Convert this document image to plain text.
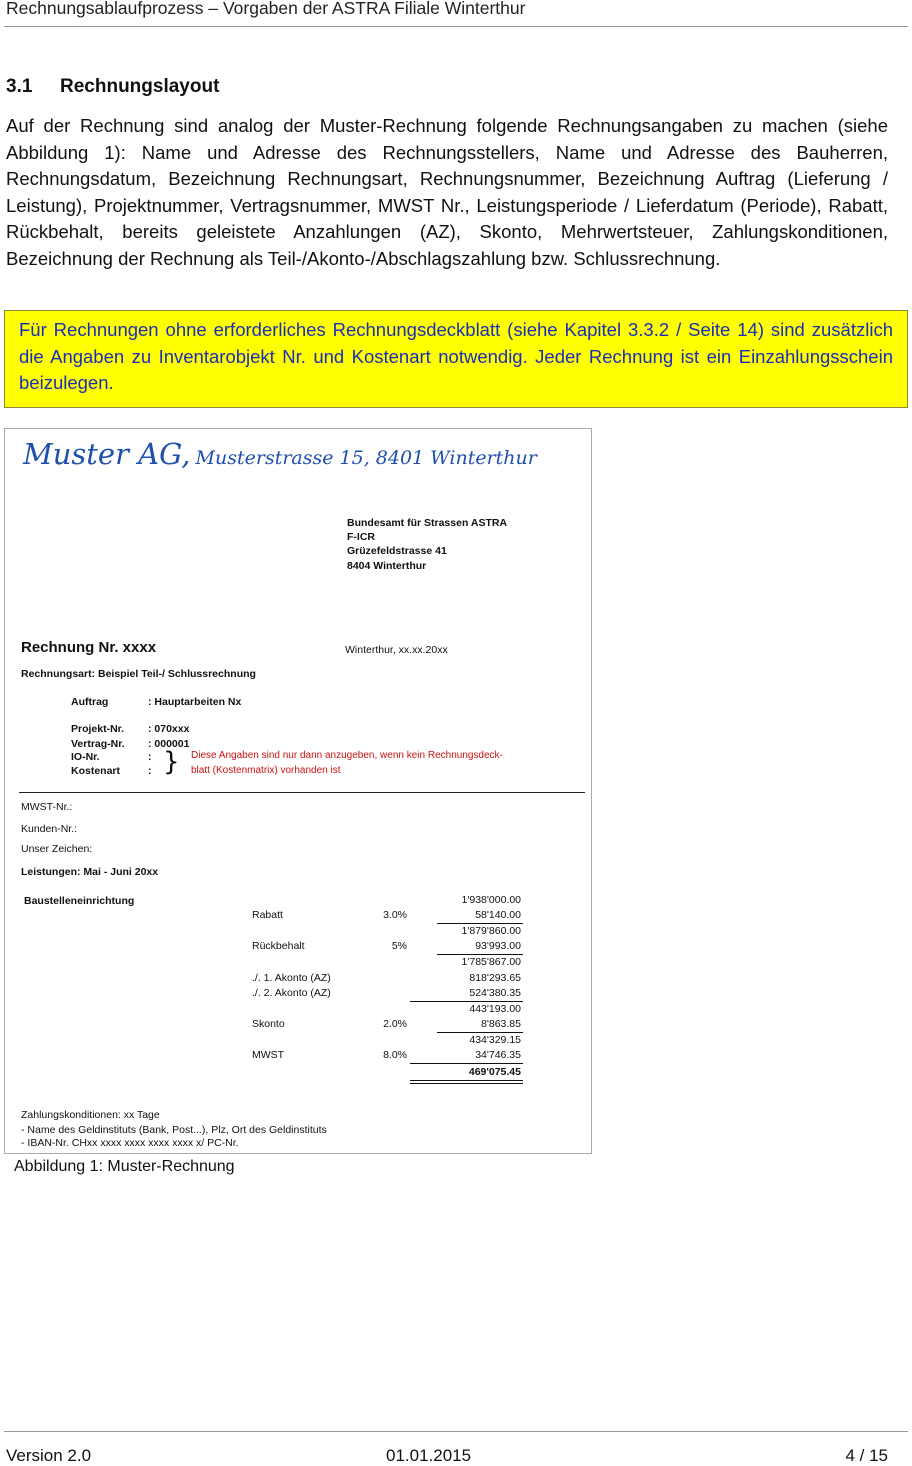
Rechnungsablaufprozess – Vorgaben der ASTRA Filiale Winterthur
3.1 Rechnungslayout

Auf der Rechnung sind analog der Muster-Rechnung folgende Rechnungsangaben zu machen (siehe Abbildung 1): Name und Adresse des Rechnungsstellers, Name und Adresse des Bauherren, Rechnungsdatum, Bezeichnung Rechnungsart, Rechnungsnummer, Bezeichnung Auftrag (Lieferung / Leistung), Projektnummer, Vertragsnummer, MWST Nr., Leistungsperiode / Lieferdatum (Periode), Rabatt, Rückbehalt, bereits geleistete Anzahlungen (AZ), Skonto, Mehrwertsteuer, Zahlungskonditionen, Bezeichnung der Rechnung als Teil-/Akonto-/Abschlagszahlung bzw. Schlussrechnung.

Für Rechnungen ohne erforderliches Rechnungsdeckblatt (siehe Kapitel 3.3.2 / Seite 14) sind zusätzlich die Angaben zu Inventarobjekt Nr. und Kostenart notwendig. Jeder Rechnung ist ein Einzahlungsschein beizulegen.

Muster AG, Musterstrasse 15, 8401 Winterthur
Bundesamt für Strassen ASTRA
F-ICR
Grüzefeldstrasse 41
8404 Winterthur
Rechnung Nr. xxxx	Winterthur, xx.xx.20xx
Rechnungsart: Beispiel Teil-/ Schlussrechnung
Auftrag	: Hauptarbeiten Nx
Projekt-Nr. : 070xxx
Vertrag-Nr. : 000001
IO-Nr.	:
Kostenart	: } Diese Angaben sind nur dann anzugeben, wenn kein Rechnungsdeck-
blatt (Kostenmatrix) vorhanden ist
MWST-Nr.:
Kunden-Nr.:
Unser Zeichen:
Leistungen: Mai - Juni 20xx
Baustelleneinrichtung	1'938'000.00
Rabatt	3.0%	58'140.00
1'879'860.00
Rückbehalt	5%	93'993.00
1'785'867.00
./. 1. Akonto (AZ)	818'293.65
./. 2. Akonto (AZ)	524'380.35
443'193.00
Skonto	2.0%	8'863.85
434'329.15
MWST	8.0%	34'746.35
469'075.45
Zahlungskonditionen: xx Tage
- Name des Geldinstituts (Bank, Post...), Plz, Ort des Geldinstituts
- IBAN-Nr. CHxx xxxx xxxx xxxx xxxx x/ PC-Nr.
Abbildung 1: Muster-Rechnung
Version 2.0	01.01.2015	4 / 15
